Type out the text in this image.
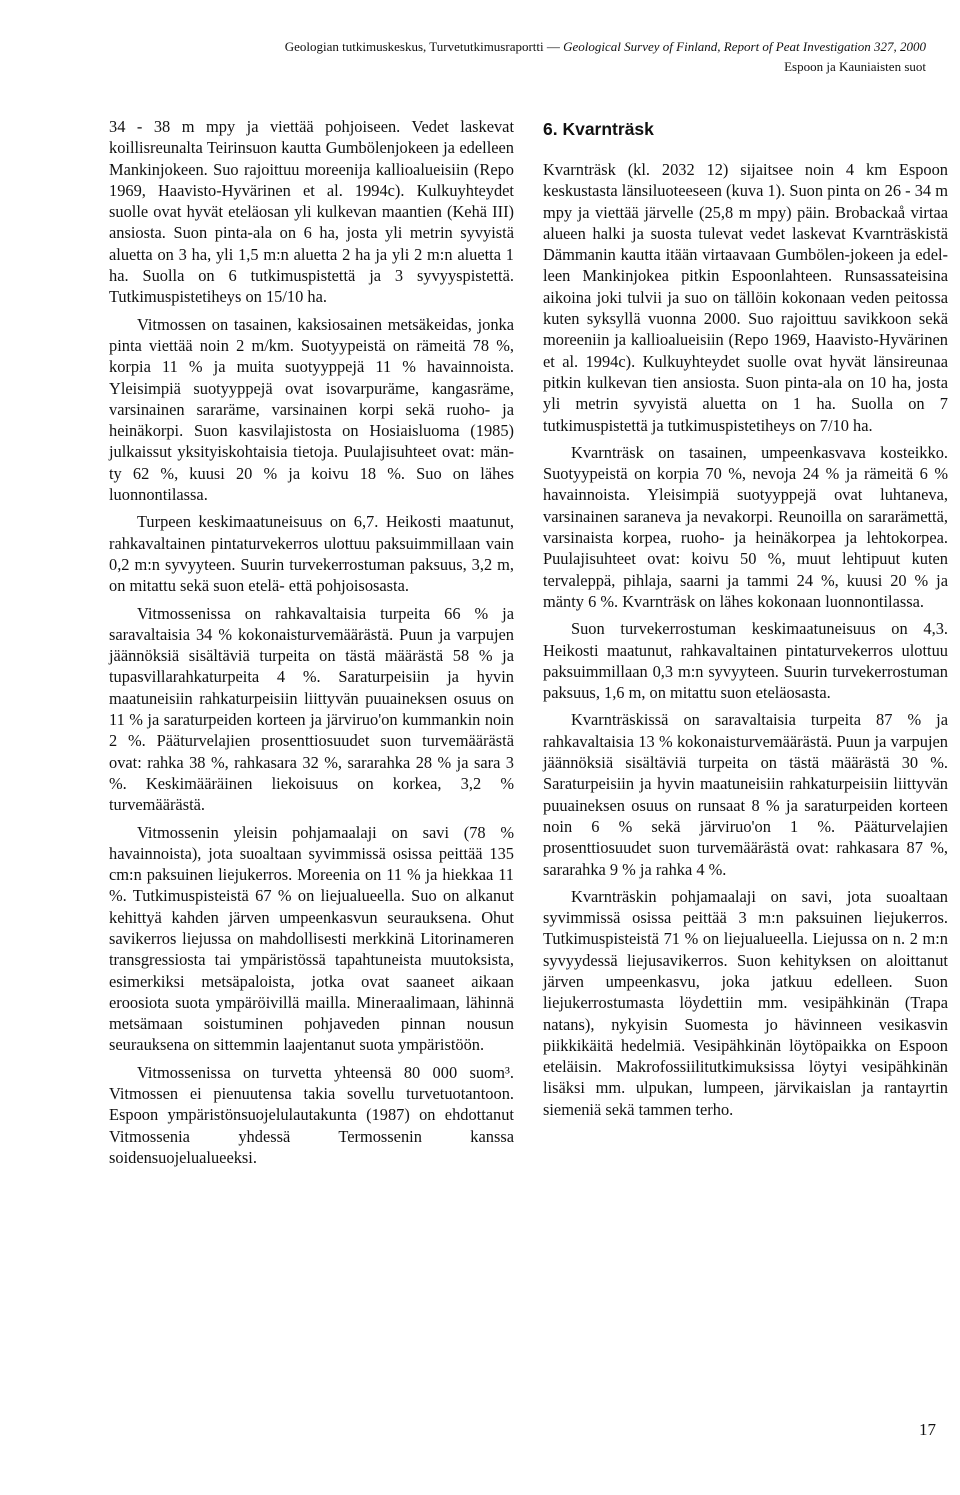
Geologian tutkimuskeskus, Turvetutkimusraportti — Geological Survey of Finland, Report of Peat Investigation 327, 2000
Espoon ja Kauniaisten suot

34 - 38 m mpy ja viettää pohjoiseen. Vedet laskevat koillisreunalta Teirinsuon kautta Gumbölenjokeen ja edelleen Mankinjokeen. Suo rajoittuu moreenija kallioalueisiin (Repo 1969, Haavisto-Hyvärinen et al. 1994c). Kulkuyhteydet suolle ovat hyvät eteläosan yli kulkevan maantien (Kehä III) ansiosta. Suon pinta-ala on 6 ha, josta yli metrin syvyistä aluetta on 3 ha, yli 1,5 m:n aluetta 2 ha ja yli 2 m:n aluetta 1 ha. Suolla on 6 tutkimuspistettä ja 3 syvyyspistettä. Tutkimuspistetiheys on 15/10 ha.

Vitmossen on tasainen, kaksiosainen metsäkeidas, jonka pinta viettää noin 2 m/km. Suotyypeistä on rämeitä 78 %, korpia 11 % ja muita suotyyppejä 11 % havainnoista. Yleisimpiä suotyyppejä ovat isovarpuräme, kangasräme, varsinainen sararäme, varsinainen korpi sekä ruoho- ja heinäkorpi. Suon kasvilajistosta on Hosiaisluoma (1985) julkaissut yksityiskohtaisia tietoja. Puulajisuhteet ovat: mänty 62 %, kuusi 20 % ja koivu 18 %. Suo on lähes luonnontilassa.

Turpeen keskimaatuneisuus on 6,7. Heikosti maatunut, rahkavaltainen pintaturvekerros ulottuu paksuimmillaan vain 0,2 m:n syvyyteen. Suurin turvekerrostuman paksuus, 3,2 m, on mitattu sekä suon etelä- että pohjoisosasta.

Vitmossenissa on rahkavaltaisia turpeita 66 % ja saravaltaisia 34 % kokonaisturvemäärästä. Puun ja varpujen jäännöksiä sisältäviä turpeita on tästä määrästä 58 % ja tupasvillarahkaturpeita 4 %. Saraturpeisiin ja hyvin maatuneisiin rahkaturpeisiin liittyvän puuaineksen osuus on 11 % ja saraturpeiden korteen ja järviruo'on kummankin noin 2 %. Pääturvelajien prosenttiosuudet suon turvemäärästä ovat: rahka 38 %, rahkasara 32 %, sararahka 28 % ja sara 3 %. Keskimääräinen liekoisuus on korkea, 3,2 % turvemäärästä.

Vitmossenin yleisin pohjamaalaji on savi (78 % havainnoista), jota suoaltaan syvimmissä osissa peittää 135 cm:n paksuinen liejukerros. Moreenia on 11 % ja hiekkaa 11 %. Tutkimuspisteistä 67 % on liejualueella. Suo on alkanut kehittyä kahden järven umpeenkasvun seurauksena. Ohut savikerros liejussa on mahdollisesti merkkinä Litorinameren transgressiosta tai ympäristössä tapahtuneista muutoksista, esimerkiksi metsäpaloista, jotka ovat saaneet aikaan eroosiota suota ympäröivillä mailla. Mineraalimaan, lähinnä metsämaan soistuminen pohjaveden pinnan nousun seurauksena on sittemmin laajentanut suota ympäristöön.

Vitmossenissa on turvetta yhteensä 80 000 suom³. Vitmossen ei pienuutensa takia sovellu turvetuotantoon. Espoon ympäristönsuojelulautakunta (1987) on ehdottanut Vitmossenia yhdessä Termossenin kanssa soidensuojelualueeksi.

6. Kvarnträsk

Kvarnträsk (kl. 2032 12) sijaitsee noin 4 km Espoon keskustasta länsiluoteeseen (kuva 1). Suon pinta on 26 - 34 m mpy ja viettää järvelle (25,8 m mpy) päin. Brobackaå virtaa alueen halki ja suosta tulevat vedet laskevat Kvarnträskistä Dämmanin kautta itään virtaavaan Gumbölen-jokeen ja edelleen Mankinjokea pitkin Espoonlahteen. Runsassateisina aikoina joki tulvii ja suo on tällöin kokonaan veden peitossa kuten syksyllä vuonna 2000. Suo rajoittuu savikkoon sekä moreeniin ja kallioalueisiin (Repo 1969, Haavisto-Hyvärinen et al. 1994c). Kulkuyhteydet suolle ovat hyvät länsireunaa pitkin kulkevan tien ansiosta. Suon pinta-ala on 10 ha, josta yli metrin syvyistä aluetta on 1 ha. Suolla on 7 tutkimuspistettä ja tutkimuspistetiheys on 7/10 ha.

Kvarnträsk on tasainen, umpeenkasvava kosteikko. Suotyypeistä on korpia 70 %, nevoja 24 % ja rämeitä 6 % havainnoista. Yleisimpiä suotyyppejä ovat luhtaneva, varsinainen saraneva ja nevakorpi. Reunoilla on sararämettä, varsinaista korpea, ruoho- ja heinäkorpea ja lehtokorpea. Puulajisuhteet ovat: koivu 50 %, muut lehtipuut kuten tervaleppä, pihlaja, saarni ja tammi 24 %, kuusi 20 % ja mänty 6 %. Kvarnträsk on lähes kokonaan luonnontilassa.

Suon turvekerrostuman keskimaatuneisuus on 4,3. Heikosti maatunut, rahkavaltainen pintaturvekerros ulottuu paksuimmillaan 0,3 m:n syvyyteen. Suurin turvekerrostuman paksuus, 1,6 m, on mitattu suon eteläosasta.

Kvarnträskissä on saravaltaisia turpeita 87 % ja rahkavaltaisia 13 % kokonaisturvemäärästä. Puun ja varpujen jäännöksiä sisältäviä turpeita on tästä määrästä 30 %. Saraturpeisiin ja hyvin maatuneisiin rahkaturpeisiin liittyvän puuaineksen osuus on runsaat 8 % ja saraturpeiden korteen noin 6 % sekä järviruo'on 1 %. Pääturvelajien prosenttiosuudet suon turvemäärästä ovat: rahkasara 87 %, sararahka 9 % ja rahka 4 %.

Kvarnträskin pohjamaalaji on savi, jota suoaltaan syvimmissä osissa peittää 3 m:n paksuinen liejukerros. Tutkimuspisteistä 71 % on liejualueella. Liejussa on n. 2 m:n syvyydessä liejusavikerros. Suon kehityksen on aloittanut järven umpeenkasvu, joka jatkuu edelleen. Suon liejukerrostumasta löydettiin mm. vesipähkinän (Trapa natans), nykyisin Suomesta jo hävinneen vesikasvin piikkikäitä hedelmiä. Vesipähkinän löytöpaikka on Espoon eteläisin. Makrofossiilitutkimuksissa löytyi vesipähkinän lisäksi mm. ulpukan, lumpeen, järvikaislan ja rantayrtin siemeniä sekä tammen terho.

17
